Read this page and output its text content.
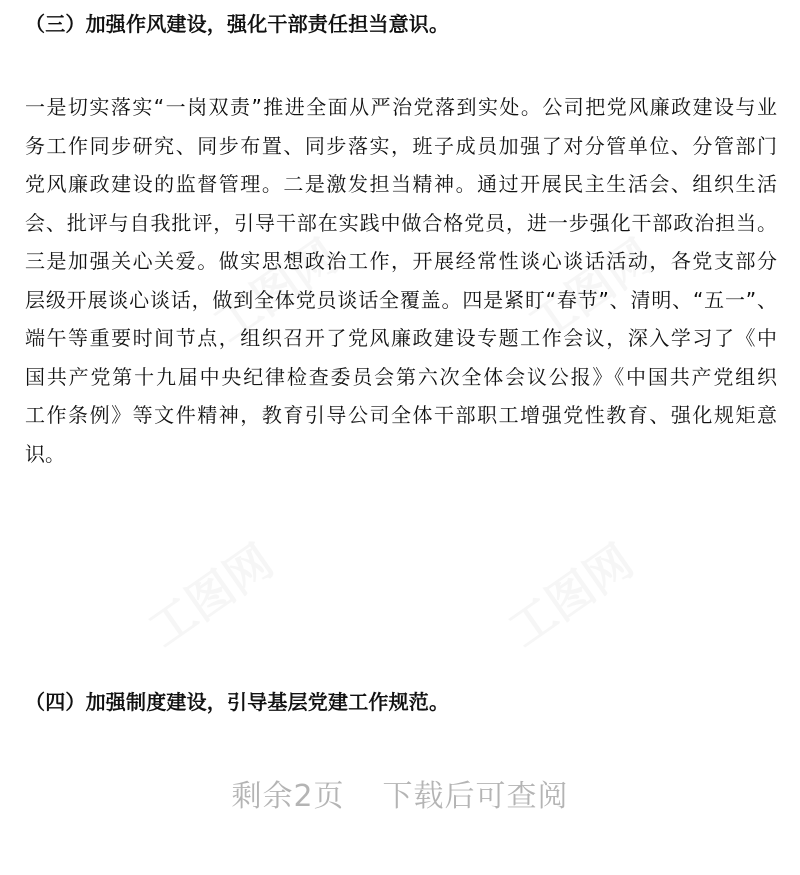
工图网	工图网
工图网	工图网
（三）加强作风建设，强化干部责任担当意识。
一是切实落实“一岗双责”推进全面从严治党落到实处。公司把党风廉政建设与业
务工作同步研究、同步布置、同步落实，班子成员加强了对分管单位、分管部门
党风廉政建设的监督管理。二是激发担当精神。通过开展民主生活会、组织生活
会、批评与自我批评，引导干部在实践中做合格党员，进一步强化干部政治担当。
三是加强关心关爱。做实思想政治工作，开展经常性谈心谈话活动，各党支部分
层级开展谈心谈话，做到全体党员谈话全覆盖。四是紧盯“春节”、清明、“五一”、
端午等重要时间节点，组织召开了党风廉政建设专题工作会议，深入学习了《中
国共产党第十九届中央纪律检查委员会第六次全体会议公报》《中国共产党组织
工作条例》等文件精神，教育引导公司全体干部职工增强党性教育、强化规矩意
识。
（四）加强制度建设，引导基层党建工作规范。
剩余2页 下载后可查阅
